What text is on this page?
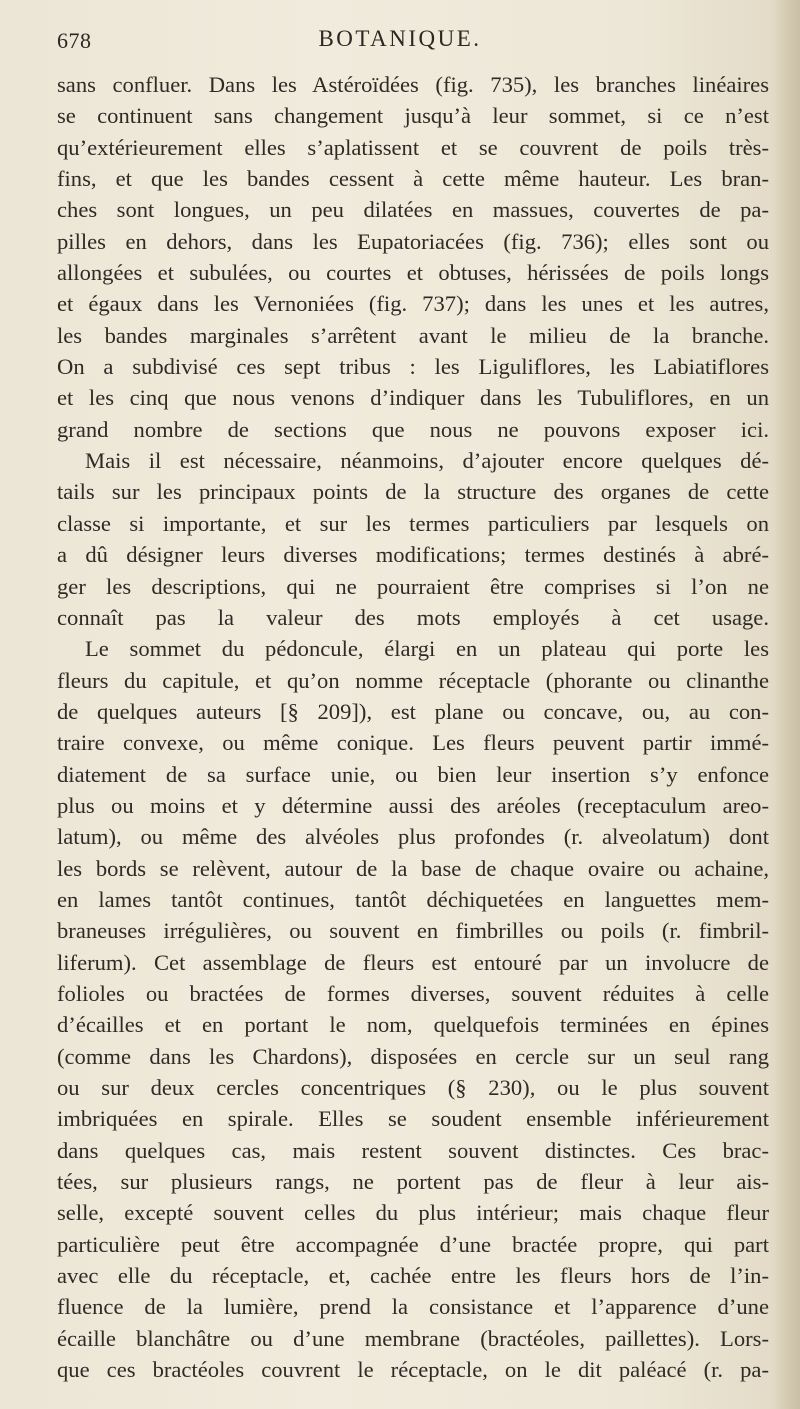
678	BOTANIQUE.
sans confluer. Dans les Astéroïdées (fig. 735), les branches linéaires
se continuent sans changement jusqu’à leur sommet, si ce n’est
qu’extérieurement elles s’aplatissent et se couvrent de poils très-
fins, et que les bandes cessent à cette même hauteur. Les bran-
ches sont longues, un peu dilatées en massues, couvertes de pa-
pilles en dehors, dans les Eupatoriacées (fig. 736); elles sont ou
allongées et subulées, ou courtes et obtuses, hérissées de poils longs
et égaux dans les Vernoniées (fig. 737); dans les unes et les autres,
les bandes marginales s’arrêtent avant le milieu de la branche.
On a subdivisé ces sept tribus : les Liguliflores, les Labiatiflores
et les cinq que nous venons d’indiquer dans les Tubuliflores, en un
grand nombre de sections que nous ne pouvons exposer ici.
Mais il est nécessaire, néanmoins, d’ajouter encore quelques dé-
tails sur les principaux points de la structure des organes de cette
classe si importante, et sur les termes particuliers par lesquels on
a dû désigner leurs diverses modifications; termes destinés à abré-
ger les descriptions, qui ne pourraient être comprises si l’on ne
connaît pas la valeur des mots employés à cet usage.
Le sommet du pédoncule, élargi en un plateau qui porte les
fleurs du capitule, et qu’on nomme réceptacle (phorante ou clinanthe
de quelques auteurs [§ 209]), est plane ou concave, ou, au con-
traire convexe, ou même conique. Les fleurs peuvent partir immé-
diatement de sa surface unie, ou bien leur insertion s’y enfonce
plus ou moins et y détermine aussi des aréoles (receptaculum areo-
latum), ou même des alvéoles plus profondes (r. alveolatum) dont
les bords se relèvent, autour de la base de chaque ovaire ou achaine,
en lames tantôt continues, tantôt déchiquetées en languettes mem-
braneuses irrégulières, ou souvent en fimbrilles ou poils (r. fimbril-
liferum). Cet assemblage de fleurs est entouré par un involucre de
folioles ou bractées de formes diverses, souvent réduites à celle
d’écailles et en portant le nom, quelquefois terminées en épines
(comme dans les Chardons), disposées en cercle sur un seul rang
ou sur deux cercles concentriques (§ 230), ou le plus souvent
imbriquées en spirale. Elles se soudent ensemble inférieurement
dans quelques cas, mais restent souvent distinctes. Ces brac-
tées, sur plusieurs rangs, ne portent pas de fleur à leur ais-
selle, excepté souvent celles du plus intérieur; mais chaque fleur
particulière peut être accompagnée d’une bractée propre, qui part
avec elle du réceptacle, et, cachée entre les fleurs hors de l’in-
fluence de la lumière, prend la consistance et l’apparence d’une
écaille blanchâtre ou d’une membrane (bractéoles, paillettes). Lors-
que ces bractéoles couvrent le réceptacle, on le dit paléacé (r. pa-
